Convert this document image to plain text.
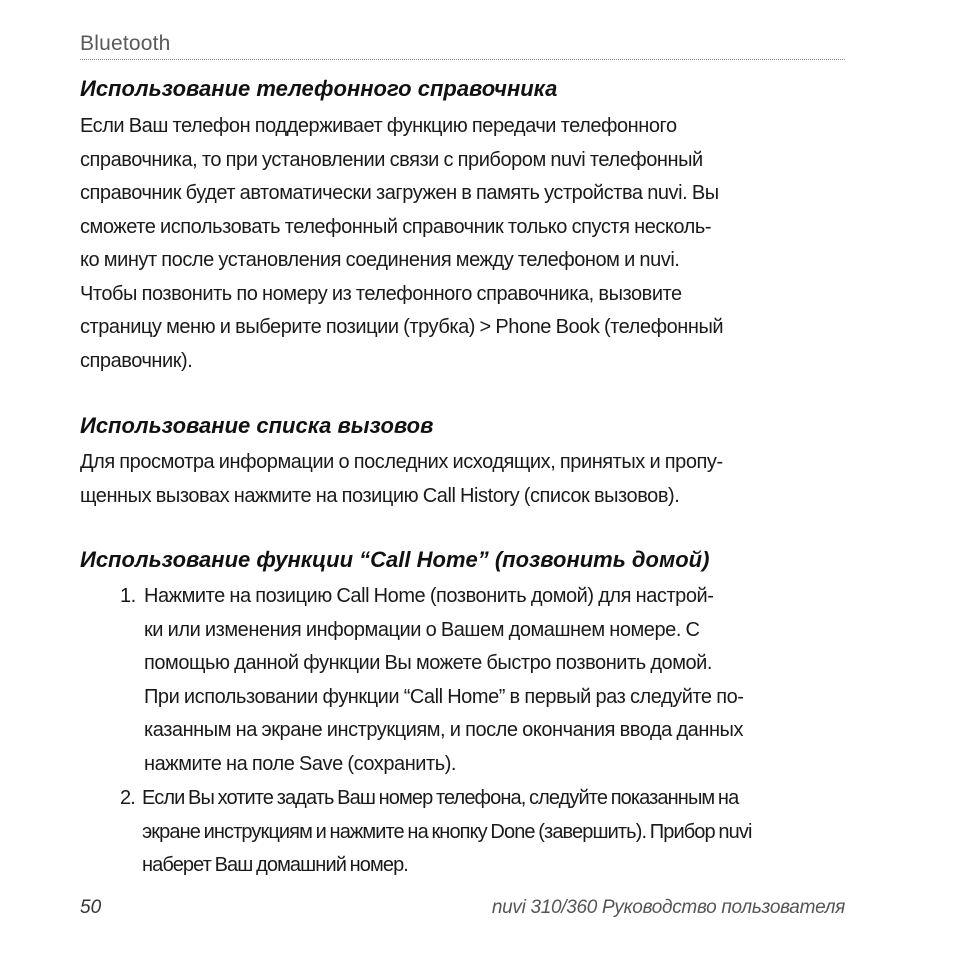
Bluetooth
Использование телефонного справочника

Если Ваш телефон поддерживает функцию передачи телефонного
справочника, то при установлении связи с прибором nuvi телефонный
справочник будет автоматически загружен в память устройства nuvi. Вы
сможете использовать телефонный справочник только спустя несколь-
ко минут после установления соединения между телефоном и nuvi.
Чтобы позвонить по номеру из телефонного справочника, вызовите
страницу меню и выберите позиции (трубка) > Phone Book (телефонный
справочник).

Использование списка вызовов

Для просмотра информации о последних исходящих, принятых и пропу-
щенных вызовах нажмите на позицию Call History (список вызовов).

Использование функции “Call Home” (позвонить домой)
1. Нажмите на позицию Call Home (позвонить домой) для настрой-
ки или изменения информации о Вашем домашнем номере. С
помощью данной функции Вы можете быстро позвонить домой.
При использовании функции “Call Home” в первый раз следуйте по-
казанным на экране инструкциям, и после окончания ввода данных
нажмите на поле Save (сохранить).
2. Если Вы хотите задать Ваш номер телефона, следуйте показанным на
экране инструкциям и нажмите на кнопку Done (завершить). Прибор nuvi
наберет Ваш домашний номер.
50	nuvi 310/360 Руководство пользователя
